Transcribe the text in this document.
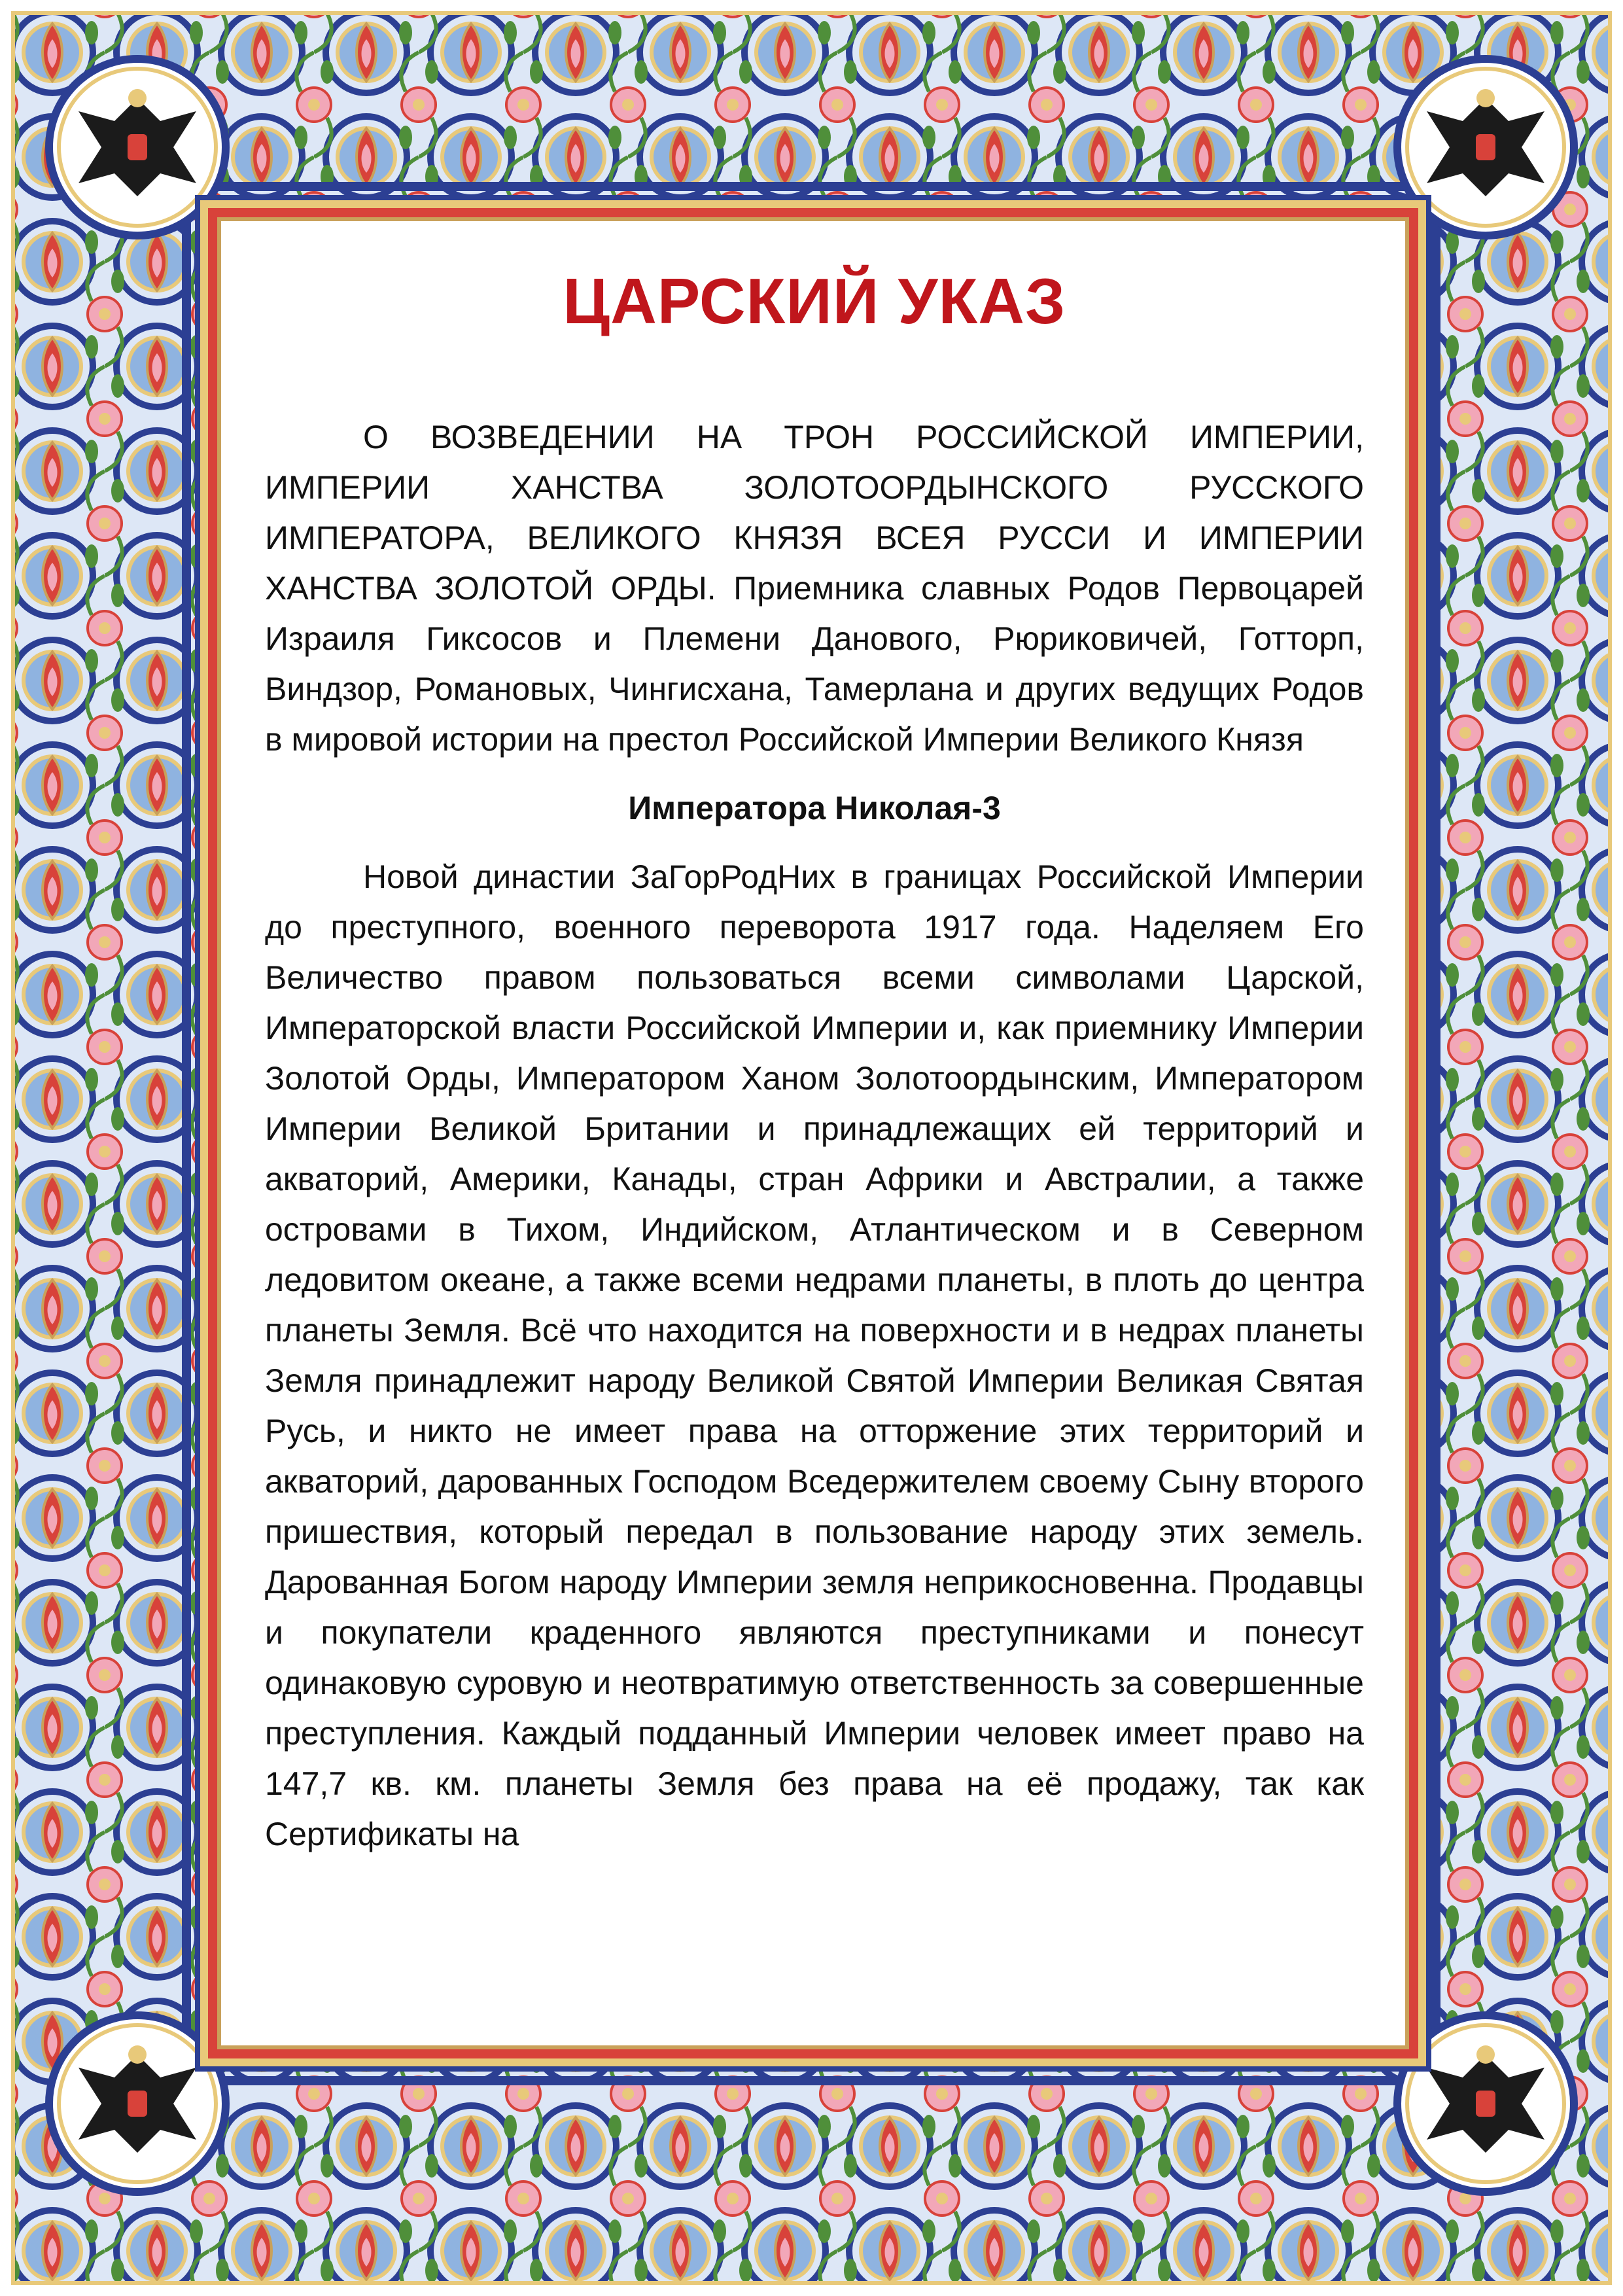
ЦАРСКИЙ УКАЗ

О ВОЗВЕДЕНИИ НА ТРОН РОССИЙСКОЙ ИМПЕРИИ, ИМПЕРИИ ХАНСТВА ЗОЛОТООРДЫНСКОГО РУССКОГО ИМПЕРАТОРА, ВЕЛИКОГО КНЯЗЯ ВСЕЯ РУССИ И ИМПЕРИИ ХАНСТВА ЗОЛОТОЙ ОРДЫ. Приемника славных Родов Первоцарей Израиля Гиксосов и Племени Данового, Рюриковичей, Готторп, Виндзор, Романовых, Чингисхана, Тамерлана и других ведущих Родов в мировой истории на престол Российской Империи Великого Князя

Императора Николая-3

Новой династии ЗаГорРодНих в границах Российской Империи до преступного, военного переворота 1917 года. Наделяем Его Величество правом пользоваться всеми символами Царской, Императорской власти Российской Империи и, как приемнику Империи Золотой Орды, Императором Ханом Золотоордынским, Императором Империи Великой Британии и принадлежащих ей территорий и акваторий, Америки, Канады, стран Африки и Австралии, а также островами в Тихом, Индийском, Атлантическом и в Северном ледовитом океане, а также всеми недрами планеты, в плоть до центра планеты Земля. Всё что находится на поверхности и в недрах планеты Земля принадлежит народу Великой Святой Империи Великая Святая Русь, и никто не имеет права на отторжение этих территорий и акваторий, дарованных Господом Вседержителем своему Сыну второго пришествия, который передал в пользование народу этих земель. Дарованная Богом народу Империи земля неприкосновенна. Продавцы и покупатели краденного являются преступниками и понесут одинаковую суровую и неотвратимую ответственность за совершенные преступления. Каждый подданный Империи человек имеет право на 147,7 кв. км. планеты Земля без права на её продажу, так как Сертификаты на
